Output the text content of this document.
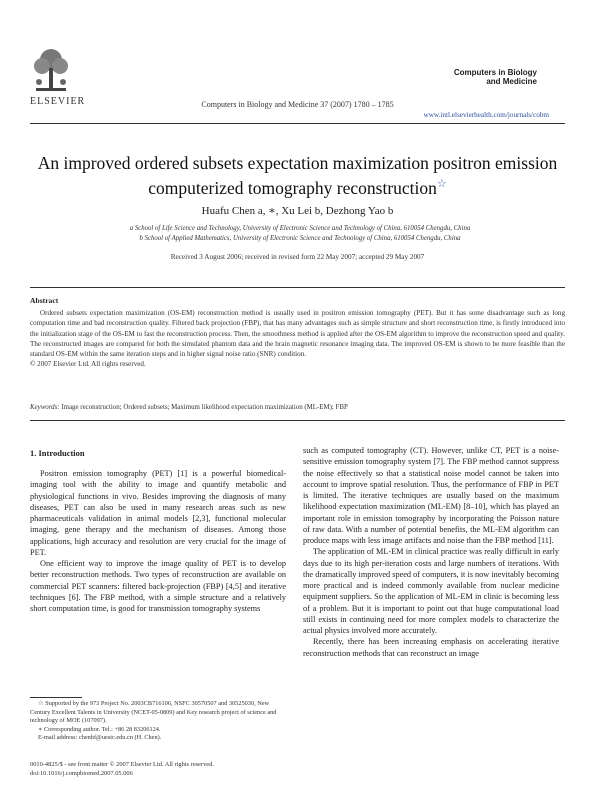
ELSEVIER	Computers in Biology and Medicine 37 (2007) 1780 – 1785
Computers in Biology
and Medicine
www.intl.elsevierhealth.com/journals/cobm
An improved ordered subsets expectation maximization positron emission
computerized tomography reconstruction☆
Huafu Chen a, ∗, Xu Lei b, Dezhong Yao b
a School of Life Science and Technology, University of Electronic Science and Technology of China, 610054 Chengdu, China
b School of Applied Mathematics, University of Electronic Science and Technology of China, 610054 Chengdu, China
Received 3 August 2006; received in revised form 22 May 2007; accepted 29 May 2007
Abstract
Ordered subsets expectation maximization (OS-EM) reconstruction method is usually used in positron emission tomography (PET). But it has some disadvantage such as long computation time and bad reconstruction quality. Filtered back projection (FBP), that has many advantages such as simple structure and short reconstruction time, is firstly introduced into the initialization stage of the OS-EM to fast the reconstruction process. Then, the smoothness method is applied after the OS-EM algorithm to improve the reconstruction speed and quality. The reconstructed images are compared for both the simulated phantom data and the brain magnetic resonance imaging data. The improved OS-EM is shown to be more feasible than the standard OS-EM within the same iteration steps and in higher signal noise ratio (SNR) condition.
© 2007 Elsevier Ltd. All rights reserved.
Keywords: Image reconstruction; Ordered subsets; Maximum likelihood expectation maximization (ML-EM); FBP
1. Introduction

Positron emission tomography (PET) [1] is a powerful biomedical-imaging tool with the ability to image and quantify metabolic and physiological functions in vivo. Besides improving the diagnosis of many diseases, PET can also be used in many research areas such as new pharmaceuticals validation in animal models [2,3], functional molecular imaging, gene therapy and the mechanism of diseases. Among those applications, high accuracy and resolution are very crucial for the image of PET.

One efficient way to improve the image quality of PET is to develop better reconstruction methods. Two types of reconstruction are available on commercial PET scanners: filtered back-projection (FBP) [4,5] and iterative techniques [6]. The FBP method, with a simple structure and a relatively short computation time, is good for transmission tomography systems

such as computed tomography (CT). However, unlike CT, PET is a noise-sensitive emission tomography system [7]. The FBP method cannot suppress the noise effectively so that a statistical noise model cannot be taken into account to improve spatial resolution. Thus, the performance of FBP in PET is limited. The iterative techniques are usually based on the maximum likelihood expectation maximization (ML-EM) [8–10], which has played an important role in emission tomography by incorporating the Poisson nature of raw data. With a number of potential benefits, the ML-EM algorithm can produce maps with less image artifacts and noise than the FBP method [11].

The application of ML-EM in clinical practice was really difficult in early days due to its high per-iteration costs and large numbers of iterations. With the dramatically improved speed of computers, it is now inevitably becoming more practical and is indeed commonly available from nuclear medicine equipment suppliers. So the application of ML-EM in clinic is becoming less of a problem. But it is important to point out that huge computational load still exists in continuing need for more complex models to characterize the actual physics involved more accurately.

Recently, there has been increasing emphasis on accelerating iterative reconstruction methods that can reconstruct an image

☆ Supported by the 973 Project No. 2003CB716106, NSFC 30570507 and 30525030, New Century Excellent Talents in University (NCET-05-0809) and Key research project of science and technology of MOE (107097).

∗ Corresponding author. Tel.: +86 28 83206124.

E-mail address: chenhf@uestc.edu.cn (H. Chen).

0010-4825/$ - see front matter © 2007 Elsevier Ltd. All rights reserved.
doi:10.1016/j.compbiomed.2007.05.006
